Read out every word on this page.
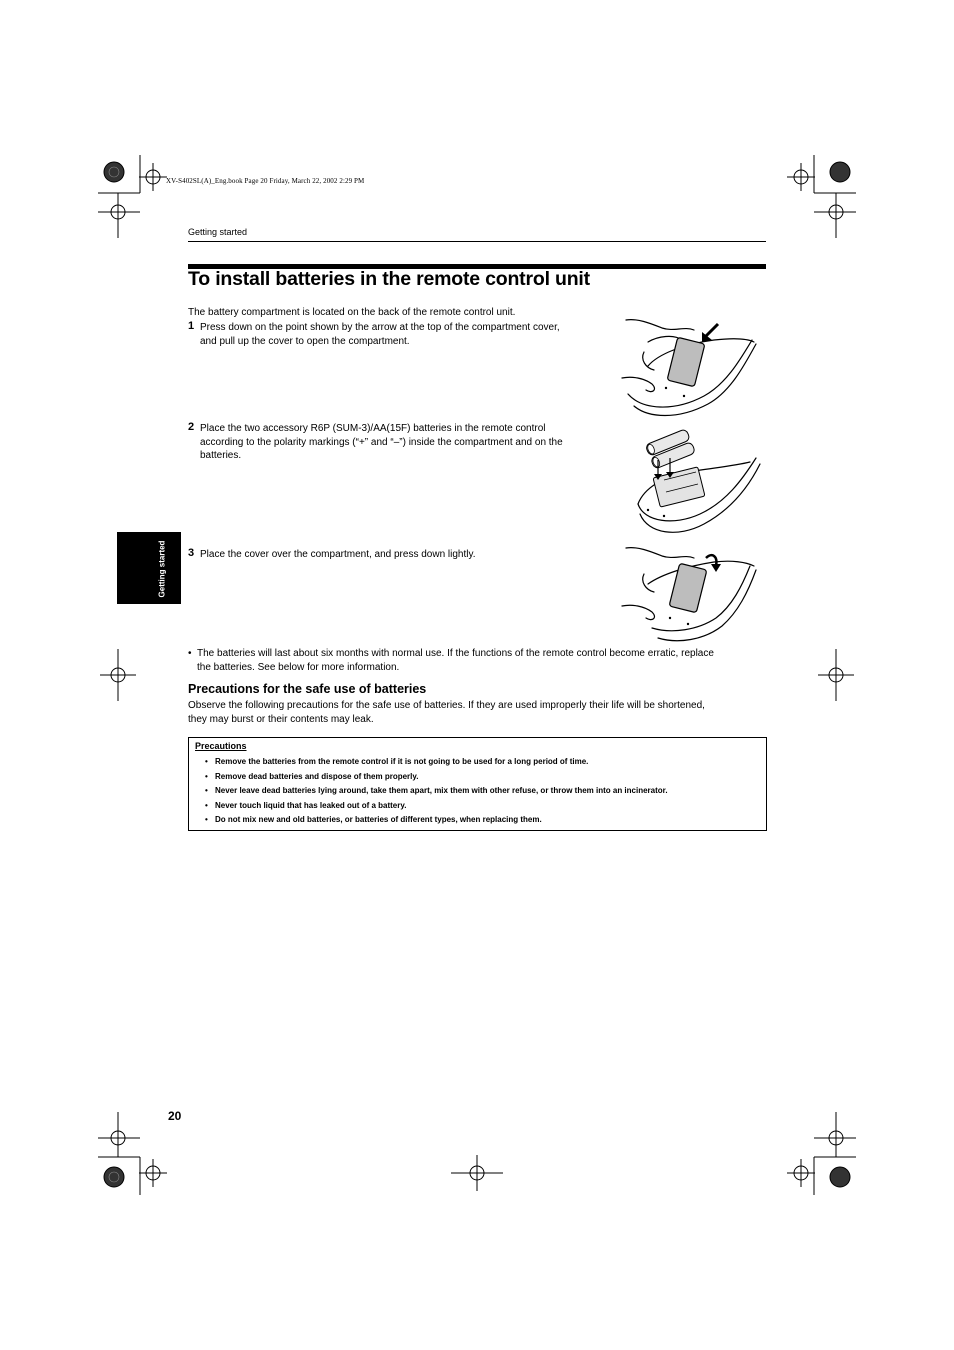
XV-S402SL(A)_Eng.book Page 20 Friday, March 22, 2002 2:29 PM
Getting started
To install batteries in the remote control unit
The battery compartment is located on the back of the remote control unit.
1 Press down on the point shown by the arrow at the top of the compartment cover,
and pull up the cover to open the compartment.
2 Place the two accessory R6P (SUM-3)/AA(15F) batteries in the remote control
according to the polarity markings (“+” and “–”) inside the compartment and on the
batteries.
3 Place the cover over the compartment, and press down lightly.
Getting started
• The batteries will last about six months with normal use. If the functions of the remote control become erratic, replace
the batteries. See below for more information.
Precautions for the safe use of batteries
Observe the following precautions for the safe use of batteries. If they are used improperly their life will be shortened,
they may burst or their contents may leak.
Precautions
• Remove the batteries from the remote control if it is not going to be used for a long period of time.
• Remove dead batteries and dispose of them properly.
• Never leave dead batteries lying around, take them apart, mix them with other refuse, or throw them into an incinerator.
• Never touch liquid that has leaked out of a battery.
• Do not mix new and old batteries, or batteries of different types, when replacing them.
20
